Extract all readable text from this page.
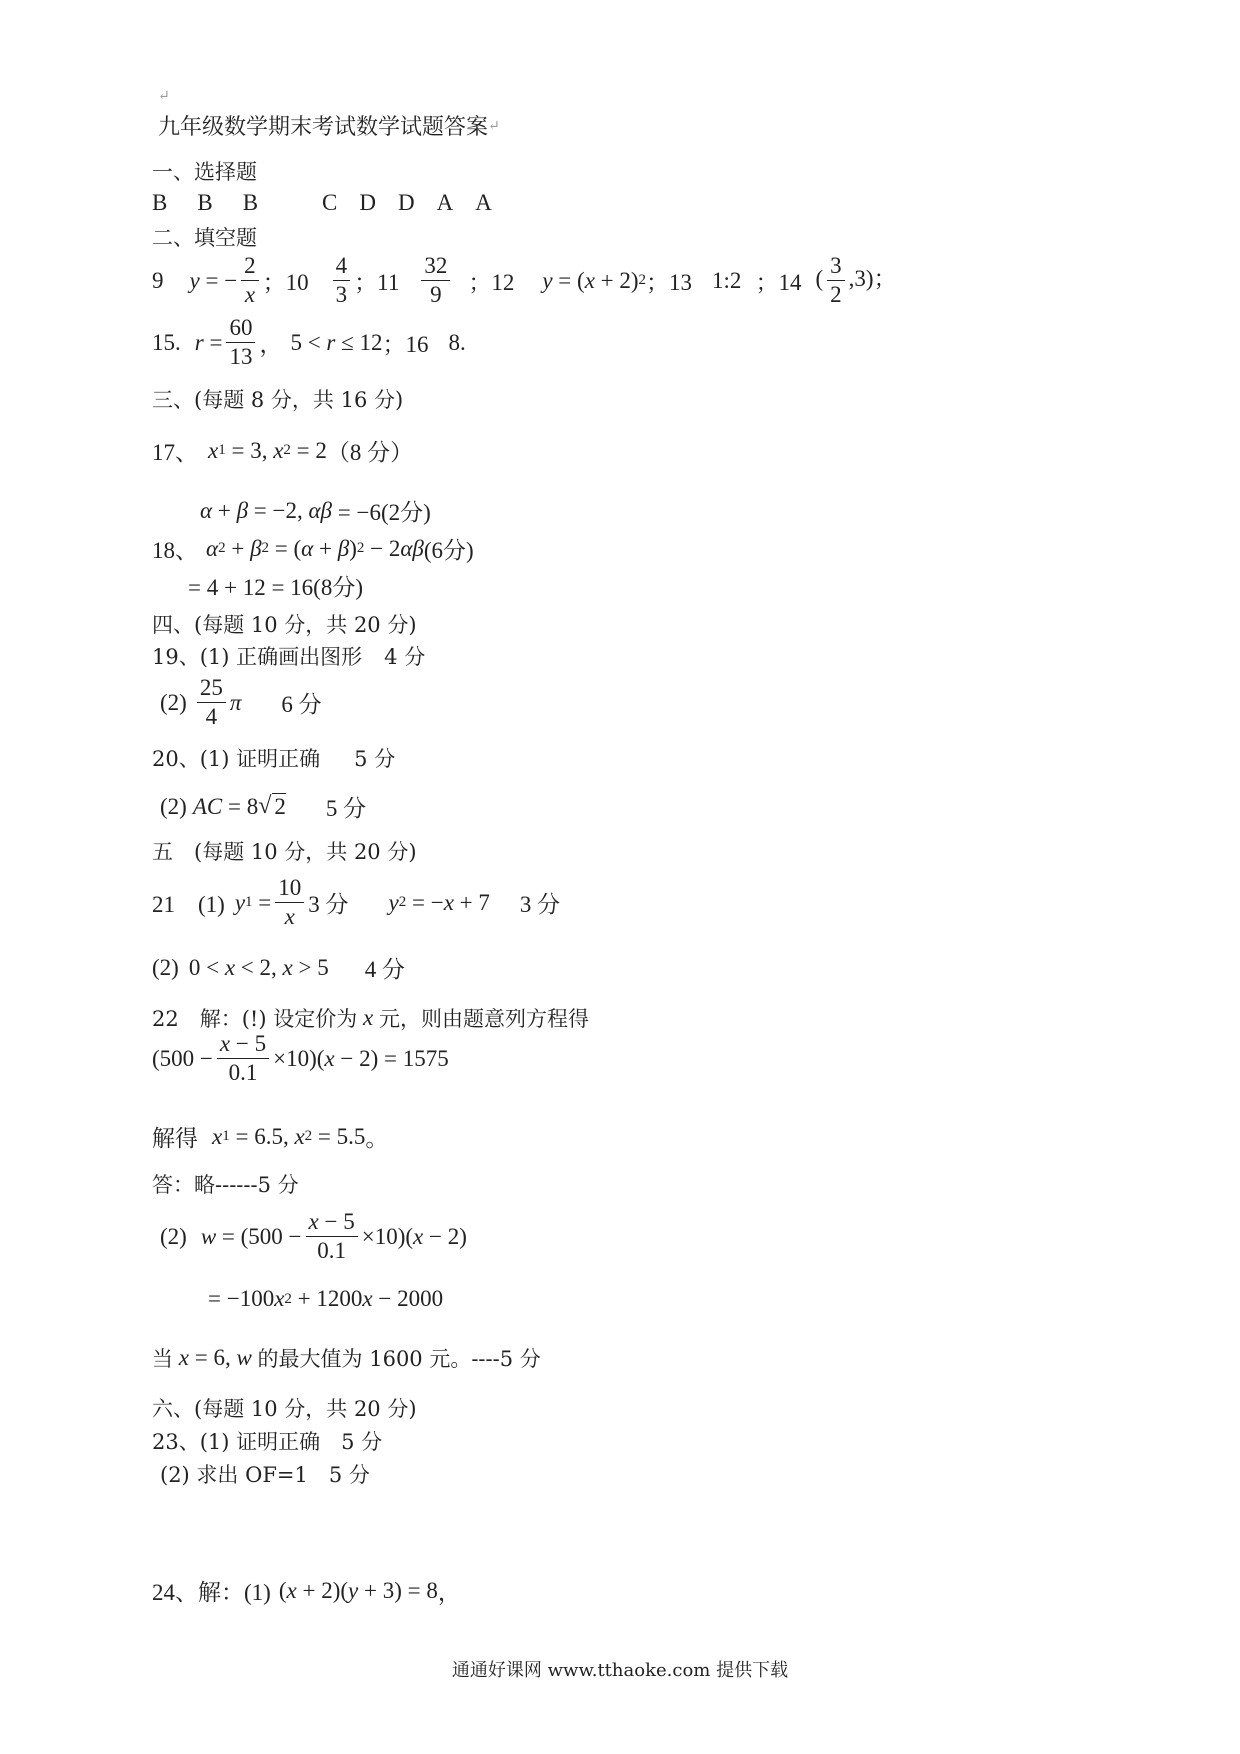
↵
九年级数学期末考试数学试题答案 ↵
一、选择题
B B B	C D D A A
二、填空题
9 y = − $\frac{2}{x}$ ；$10 \frac{4}{3}$ ；$11 \frac{32}{9}$ ；12 y = ( x + 2) 2 ；13 1:2 ；14 ( $\frac{3}{2} ,3$)；
15. $r = \frac{60}{13}$ ， 5 < r ≤ 12 ；16 8.
三、(每题 8 分，共 16 分)
17、 x 1 = 3, x 2 = 2 （8 分）
α + β = −2, αβ = −6(2分)
18、 α 2 + β 2 = ( α + β ) 2 − 2 αβ (6分)
= 4 + 12 = 16(8分)
四、(每题 10 分，共 20 分)
19、(1) 正确画出图形 4 分
$(2) \frac{25}{4}$ π 6 分
20、(1) 证明正确 5 分
(2) AC = 8 √ 2 5 分
五　(每题 10 分，共 20 分)
21　(1) y $1 = \frac{10}{x} 3$ 分 y 2 = − x + 7 3 分
(2) 0 < x < 2, x > 5 4 分
22　解：(!) 设定价为 x 元，则由题意列方程得
$(500 - \frac{x - 5}{0.1} \times 10)$( x − 2) = 1575
解得 x 1 = 6.5, x 2 = 5.5 。
答：略------5 分
(2) $w = (500 - \frac{x - 5}{0.1} \times 10)$( x − 2)
= −100 x 2 + 1200 x − 2000
当 x = 6, w 的最大值为 1600 元。----5 分
六、(每题 10 分，共 20 分)
23、(1) 证明正确　5 分
(2) 求出 OF=1　5 分
24、解：(1) ( x + 2)( y + 3) = 8 ，
通通好课网 www.tthaoke.com 提供下载
